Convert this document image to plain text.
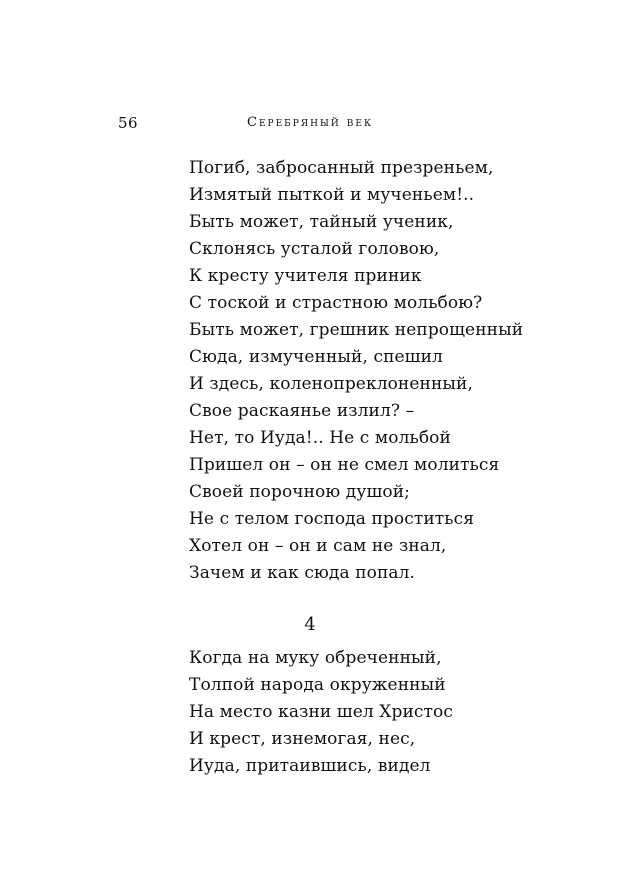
56	Серебряный век
Погиб, забросанный презреньем,
Измятый пыткой и мученьем!..
Быть может, тайный ученик,
Склонясь усталой головою,
К кресту учителя приник
С тоской и страстною мольбою?
Быть может, грешник непрощенный
Сюда, измученный, спешил
И здесь, коленопреклоненный,
Свое раскаянье излил? –
Нет, то Иуда!.. Не с мольбой
Пришел он – он не смел молиться
Своей порочною душой;
Не с телом господа проститься
Хотел он – он и сам не знал,
Зачем и как сюда попал.
4
Когда на муку обреченный,
Толпой народа окруженный
На место казни шел Христос
И крест, изнемогая, нес,
Иуда, притаившись, видел
